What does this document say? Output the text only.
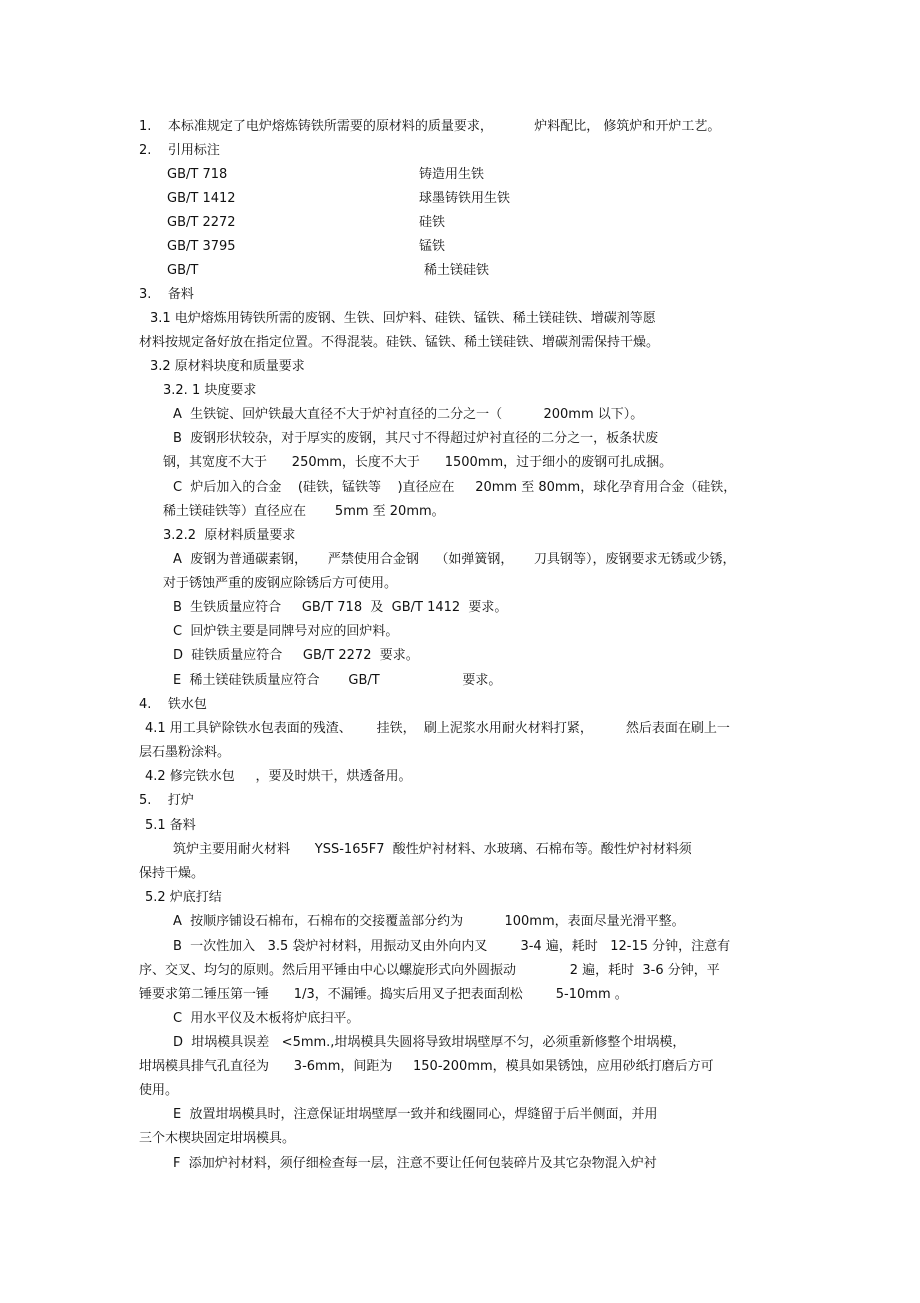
1.    本标准规定了电炉熔炼铸铁所需要的原材料的质量要求，          炉料配比， 修筑炉和开炉工艺。
2.    引用标注
GB/T 718	铸造用生铁
GB/T 1412	球墨铸铁用生铁
GB/T 2272	硅铁
GB/T 3795	锰铁
GB/T	稀土镁硅铁
3.    备料
3.1 电炉熔炼用铸铁所需的废钢、生铁、回炉料、硅铁、锰铁、稀土镁硅铁、增碳剂等愿
材料按规定备好放在指定位置。不得混装。硅铁、锰铁、稀土镁硅铁、增碳剂需保持干燥。
3.2 原材料块度和质量要求
3.2. 1 块度要求
A  生铁锭、回炉铁最大直径不大于炉衬直径的二分之一（          200mm 以下）。
B  废钢形状较杂，对于厚实的废钢，其尺寸不得超过炉衬直径的二分之一，板条状废
钢，其宽度不大于      250mm，长度不大于      1500mm，过于细小的废钢可扎成捆。
C  炉后加入的合金    (硅铁，锰铁等    )直径应在     20mm 至 80mm，球化孕育用合金（硅铁，
稀土镁硅铁等）直径应在       5mm 至 20mm。
3.2.2  原材料质量要求
A  废钢为普通碳素钢，     严禁使用合金钢    （如弹簧钢，     刀具钢等），废钢要求无锈或少锈，
对于锈蚀严重的废钢应除锈后方可使用。
B  生铁质量应符合     GB/T 718  及  GB/T 1412  要求。
C  回炉铁主要是同牌号对应的回炉料。
D  硅铁质量应符合     GB/T 2272  要求。
E  稀土镁硅铁质量应符合       GB/T                    要求。
4.    铁水包
4.1 用工具铲除铁水包表面的残渣、      挂铁，  刷上泥浆水用耐火材料打紧，        然后表面在刷上一
层石墨粉涂料。
4.2 修完铁水包     ，要及时烘干，烘透备用。
5.    打炉
5.1 备料
筑炉主要用耐火材料      YSS-165F7  酸性炉衬材料、水玻璃、石棉布等。酸性炉衬材料须
保持干燥。
5.2 炉底打结
A  按顺序铺设石棉布，石棉布的交接覆盖部分约为          100mm，表面尽量光滑平整。
B  一次性加入   3.5 袋炉衬材料，用振动叉由外向内叉        3-4 遍，耗时   12-15 分钟，注意有
序、交叉、均匀的原则。然后用平锤由中心以螺旋形式向外圆振动             2 遍，耗时  3-6 分钟，平
锤要求第二锤压第一锤      1/3，不漏锤。捣实后用叉子把表面刮松        5-10mm 。
C  用水平仪及木板将炉底扫平。
D  坩埚模具误差   <5mm.,坩埚模具失圆将导致坩埚壁厚不匀，必须重新修整个坩埚模，
坩埚模具排气孔直径为      3-6mm，间距为     150-200mm，模具如果锈蚀，应用砂纸打磨后方可
使用。
E  放置坩埚模具时，注意保证坩埚壁厚一致并和线圈同心，焊缝留于后半侧面，并用
三个木楔块固定坩埚模具。
F  添加炉衬材料，须仔细检查每一层，注意不要让任何包装碎片及其它杂物混入炉衬
